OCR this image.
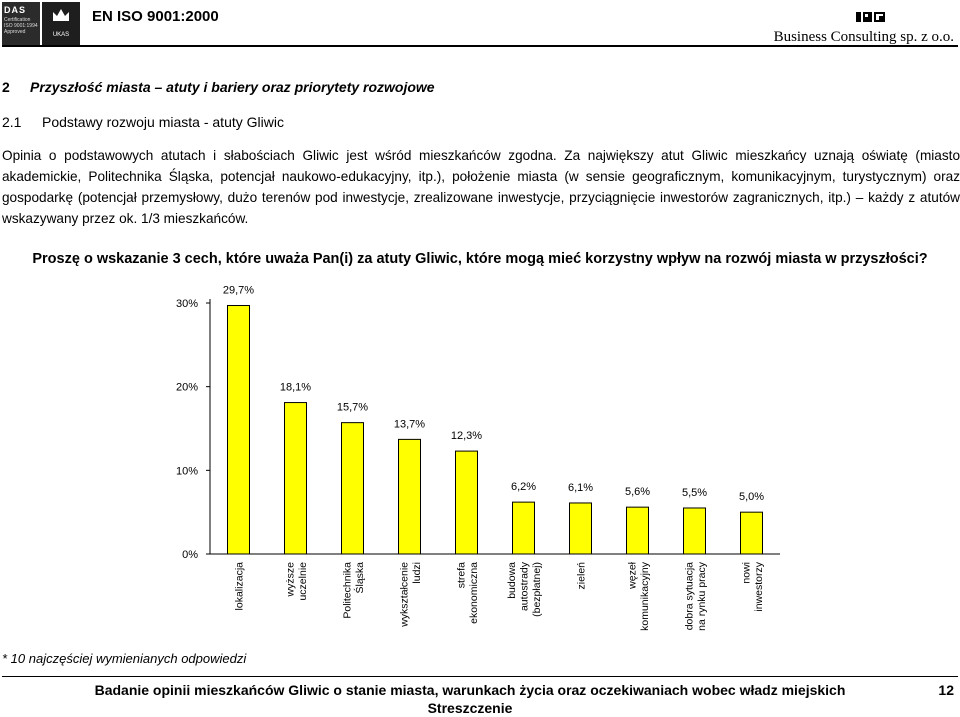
DAS
Certification ISO 9001:1994 Approved	UKAS
EN ISO 9001:2000
Business Consulting sp. z o.o.
2 Przyszłość miasta – atuty i bariery oraz priorytety rozwojowe
2.1 Podstawy rozwoju miasta - atuty Gliwic
Opinia o podstawowych atutach i słabościach Gliwic jest wśród mieszkańców zgodna. Za największy atut Gliwic mieszkańcy uznają oświatę (miasto akademickie, Politechnika Śląska, potencjał naukowo-edukacyjny, itp.), położenie miasta (w sensie geograficznym, komunikacyjnym, turystycznym) oraz gospodarkę (potencjał przemysłowy, dużo terenów pod inwestycje, zrealizowane inwestycje, przyciągnięcie inwestorów zagranicznych, itp.) – każdy z atutów wskazywany przez ok. 1/3 mieszkańców.
Proszę o wskazanie 3 cech, które uważa Pan(i) za atuty Gliwic, które mogą mieć korzystny wpływ na rozwój miasta w przyszłości?
0%
10%
20%
30%
29,7%
lokalizacja
18,1%
wyższe uczelnie
15,7%
Politechnika Śląska
13,7%
wykształcenie ludzi
12,3%
strefa ekonomiczna
6,2%
budowa autostrady (bezpłatnej)
6,1%
zieleń
5,6%
węzeł komunikacyjny
5,5%
dobra sytuacja na rynku pracy
5,0%
nowi inwestorzy
* 10 najczęściej wymienianych odpowiedzi
Badanie opinii mieszkańców Gliwic o stanie miasta, warunkach życia oraz oczekiwaniach wobec władz miejskich
Streszczenie
12
